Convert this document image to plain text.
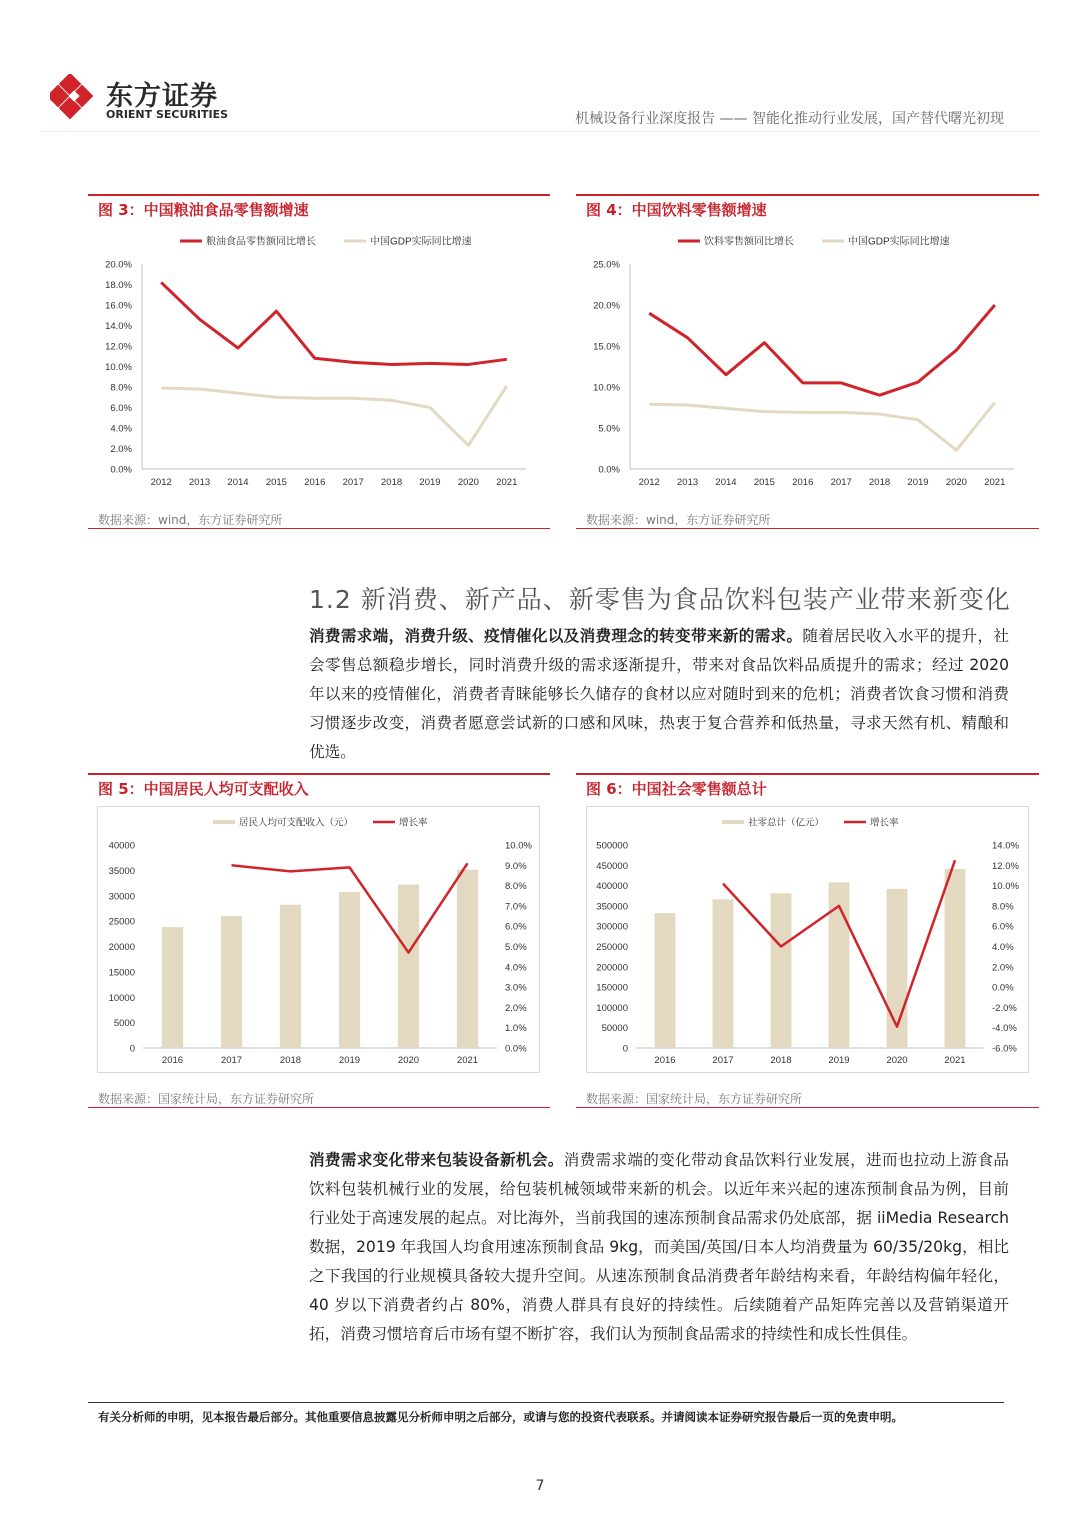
东方证券
ORIENT SECURITIES	机械设备行业深度报告 —— 智能化推动行业发展，国产替代曙光初现
图 3：中国粮油食品零售额增速
粮油食品零售额同比增长	中国GDP实际同比增速
0.0%
2.0%
4.0%
6.0%
8.0%
10.0%
12.0%
14.0%
16.0%
18.0%
20.0%
2012 2013 2014 2015 2016 2017 2018 2019 2020 2021
数据来源：wind，东方证券研究所
图 4：中国饮料零售额增速
饮料零售额同比增长	中国GDP实际同比增速
0.0%
5.0%
10.0%
15.0%
20.0%
25.0%
2012 2013 2014 2015 2016 2017 2018 2019 2020 2021
数据来源：wind，东方证券研究所
1.2 新消费、新产品、新零售为食品饮料包装产业带来新变化
消费需求端，消费升级、疫情催化以及消费理念的转变带来新的需求。随着居民收入水平的提升，社会零售总额稳步增长，同时消费升级的需求逐渐提升，带来对食品饮料品质提升的需求；经过 2020 年以来的疫情催化，消费者青睐能够长久储存的食材以应对随时到来的危机；消费者饮食习惯和消费习惯逐步改变，消费者愿意尝试新的口感和风味，热衷于复合营养和低热量，寻求天然有机、精酿和优选。
图 5：中国居民人均可支配收入
居民人均可支配收入（元）	增长率
0
5000
10000
15000
20000
25000
30000
35000
40000
0.0%
1.0%
2.0%
3.0%
4.0%
5.0%
6.0%
7.0%
8.0%
9.0%
10.0%
2016	2017	2018	2019	2020	2021
数据来源：国家统计局，东方证券研究所
图 6：中国社会零售额总计
社零总计（亿元）	增长率
0
50000
100000
150000
200000
250000
300000
350000
400000
450000
500000
-6.0%
-4.0%
-2.0%
0.0%
2.0%
4.0%
6.0%
8.0%
10.0%
12.0%
14.0%
2016	2017	2018	2019	2020	2021
数据来源：国家统计局，东方证券研究所
消费需求变化带来包装设备新机会。消费需求端的变化带动食品饮料行业发展，进而也拉动上游食品饮料包装机械行业的发展，给包装机械领域带来新的机会。以近年来兴起的速冻预制食品为例，目前行业处于高速发展的起点。对比海外，当前我国的速冻预制食品需求仍处底部，据 iiMedia Research 数据，2019 年我国人均食用速冻预制食品 9kg，而美国/英国/日本人均消费量为 60/35/20kg，相比之下我国的行业规模具备较大提升空间。从速冻预制食品消费者年龄结构来看，年龄结构偏年轻化，40 岁以下消费者约占 80%，消费人群具有良好的持续性。后续随着产品矩阵完善以及营销渠道开拓，消费习惯培育后市场有望不断扩容，我们认为预制食品需求的持续性和成长性俱佳。
有关分析师的申明，见本报告最后部分。其他重要信息披露见分析师申明之后部分，或请与您的投资代表联系。并请阅读本证券研究报告最后一页的免责申明。
7
